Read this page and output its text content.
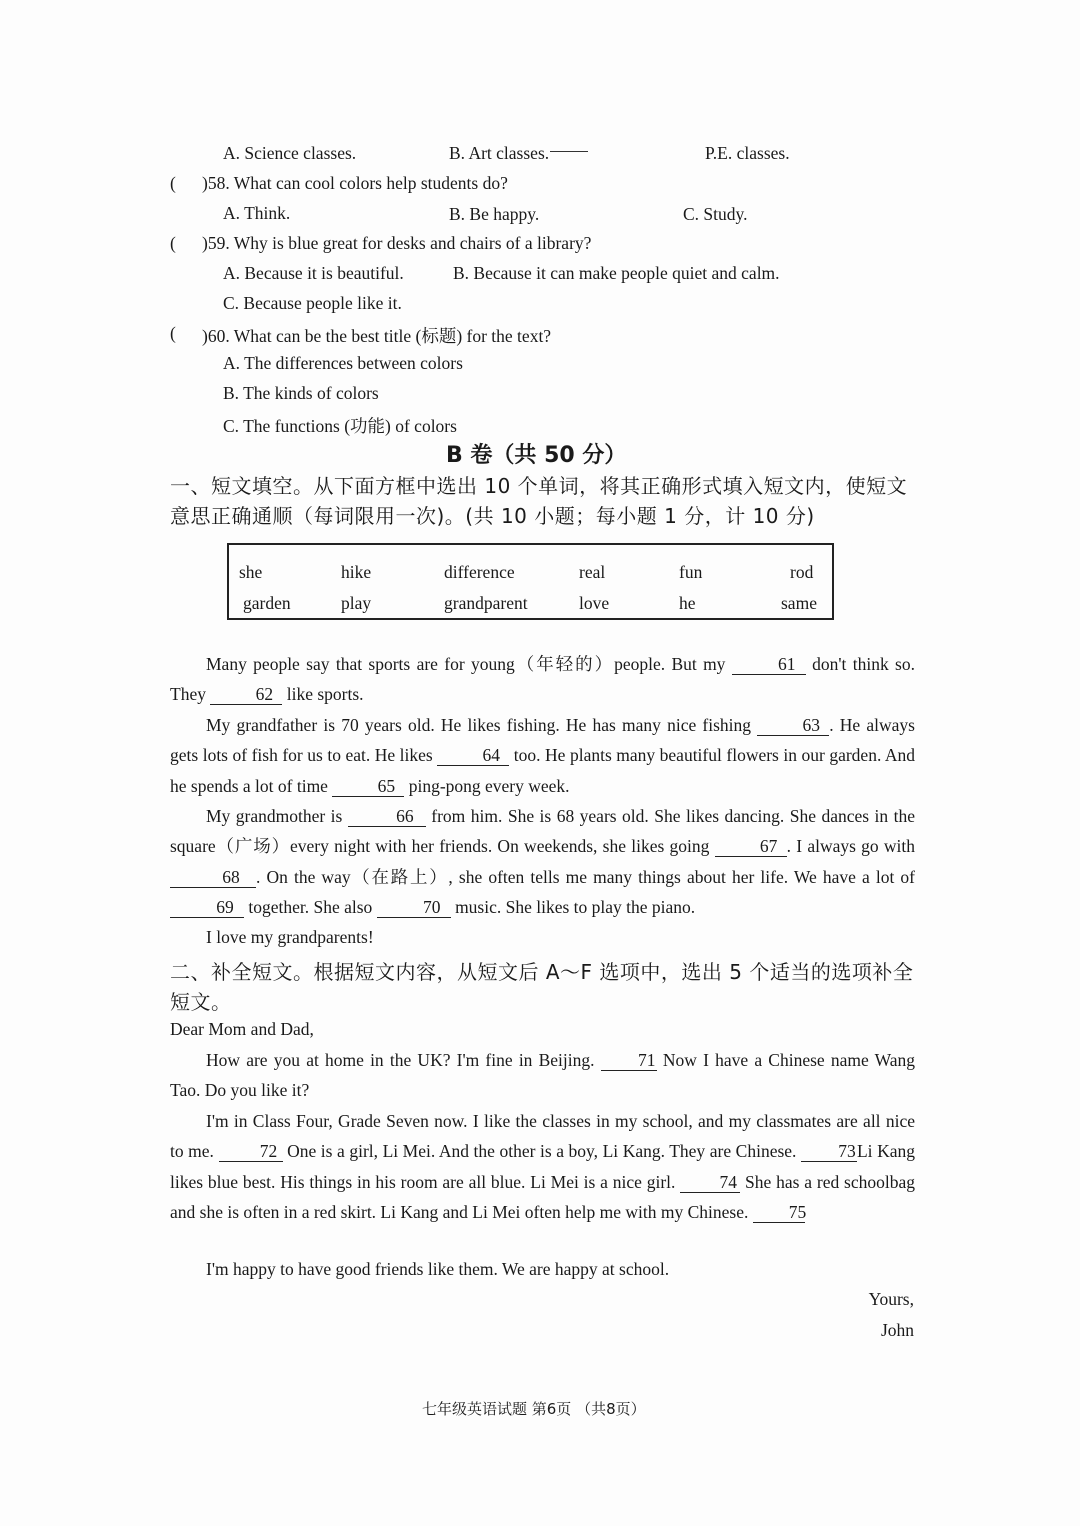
A. Science classes.	B. Art classes.	P.E. classes.
( )58. What can cool colors help students do?
A. Think.	B. Be happy.	C. Study.
( )59. Why is blue great for desks and chairs of a library?
A. Because it is beautiful.	B. Because it can make people quiet and calm.
C. Because people like it.
( )60. What can be the best title (标题) for the text?
A. The differences between colors
B. The kinds of colors
C. The functions (功能) of colors
B 卷（共 50 分）
一、短文填空。从下面方框中选出 10 个单词，将其正确形式填入短文内，使短文
意思正确通顺（每词限用一次)。(共 10 小题；每小题 1 分，计 10 分)
she	hike	difference	real	fun	rod
garden	play	grandparent	love	he	same
Many people say that sports are for young（年轻的）people. But my	61 don't think so. They	62 like sports.
My grandfather is 70 years old. He likes fishing. He has many nice fishing	63 . He always gets lots of fish for us to eat. He likes	64 too. He plants many beautiful flowers in our garden. And he spends a lot of time	65 ping-pong every week.
My grandmother is	66 from him. She is 68 years old. She likes dancing. She dances in the square（广场）every night with her friends. On weekends, she likes going	67 . I always go with 68 . On the way（在路上）, she often tells me many things about her life. We have a lot of 69 together. She also	70 music. She likes to play the piano.
I love my grandparents!
二、补全短文。根据短文内容，从短文后 A～F 选项中，选出 5 个适当的选项补全
短文。
Dear Mom and Dad,
How are you at home in the UK? I'm fine in Beijing. 71 Now I have a Chinese name Wang Tao. Do you like it?
I'm in Class Four, Grade Seven now. I like the classes in my school, and my classmates are all nice to me.	72 One is a girl, Li Mei. And the other is a boy, Li Kang. They are Chinese. 73Li Kang likes blue best. His things in his room are all blue. Li Mei is a nice girl.	74 She has a red schoolbag and she is often in a red skirt. Li Kang and Li Mei often help me with my Chinese. 75
I'm happy to have good friends like them. We are happy at school.
Yours,
John
七年级英语试题 第6页 （共8页）
